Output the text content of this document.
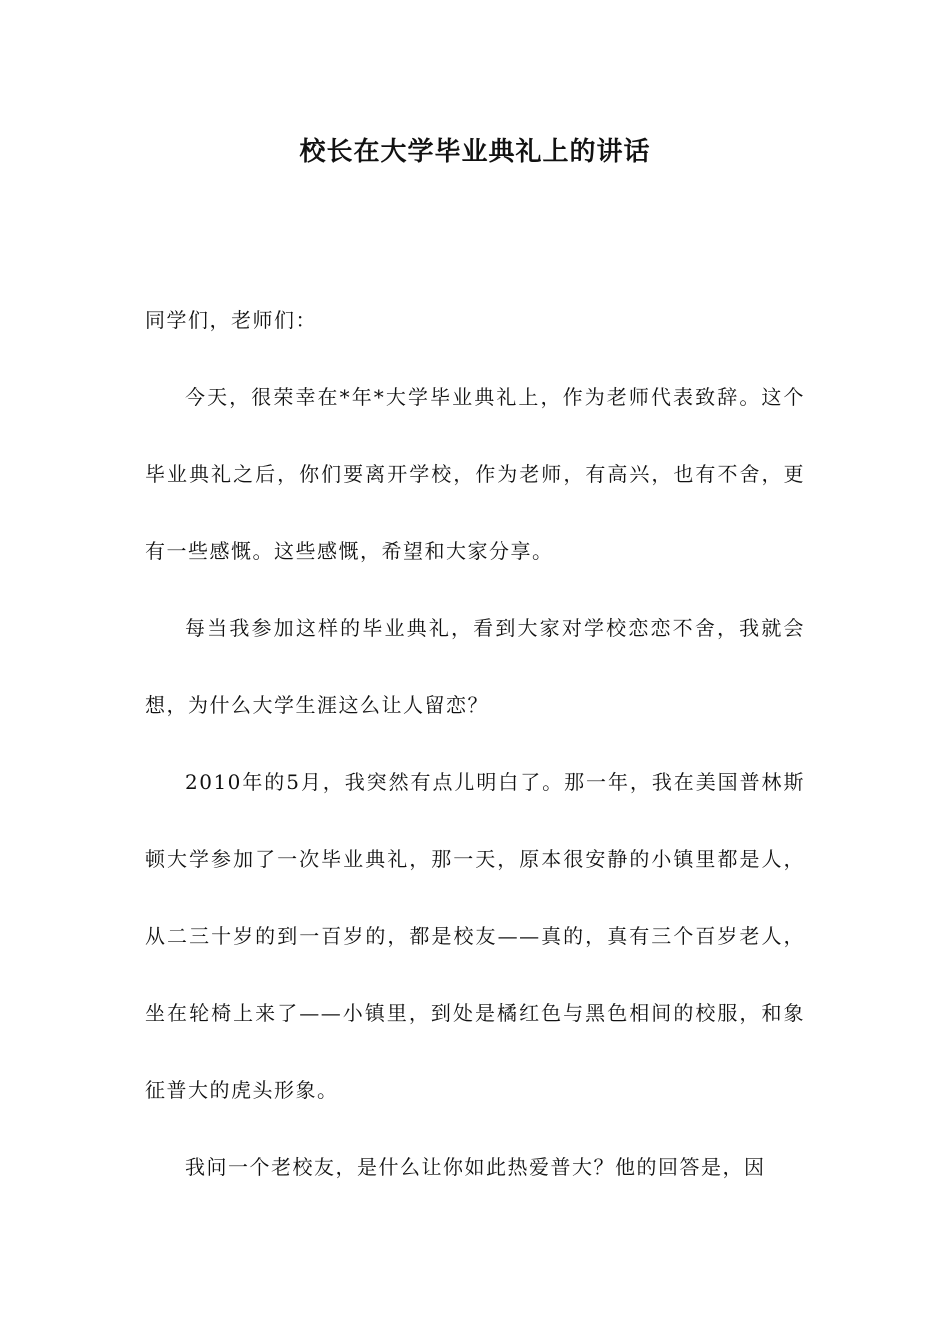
校长在大学毕业典礼上的讲话

同学们，老师们：

今天，很荣幸在*年*大学毕业典礼上，作为老师代表致辞。这个毕业典礼之后，你们要离开学校，作为老师，有高兴，也有不舍，更有一些感慨。这些感慨，希望和大家分享。

每当我参加这样的毕业典礼，看到大家对学校恋恋不舍，我就会想，为什么大学生涯这么让人留恋？

2010年的5月，我突然有点儿明白了。那一年，我在美国普林斯顿大学参加了一次毕业典礼，那一天，原本很安静的小镇里都是人，从二三十岁的到一百岁的，都是校友——真的，真有三个百岁老人，坐在轮椅上来了——小镇里，到处是橘红色与黑色相间的校服，和象征普大的虎头形象。

我问一个老校友，是什么让你如此热爱普大？他的回答是，因
